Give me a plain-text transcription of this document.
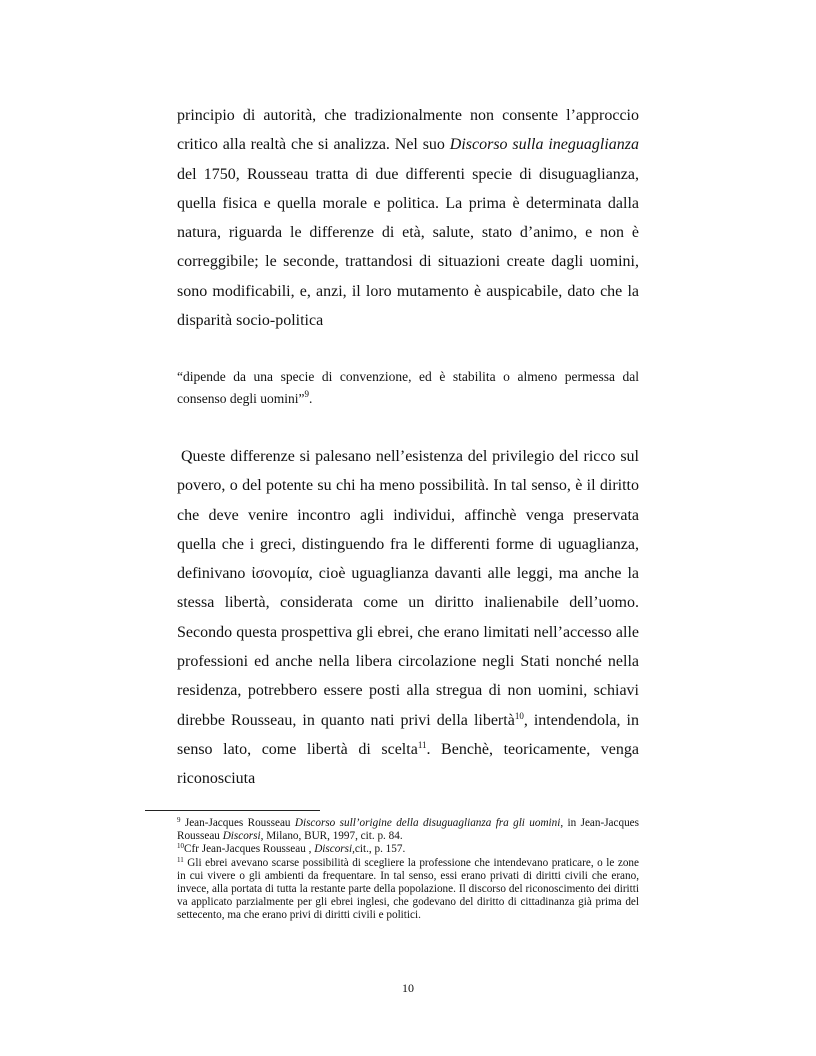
principio di autorità, che tradizionalmente non consente l’approccio critico alla realtà che si analizza. Nel suo Discorso sulla ineguaglianza del 1750, Rousseau tratta di due differenti specie di disuguaglianza, quella fisica e quella morale e politica. La prima è determinata dalla natura, riguarda le differenze di età, salute, stato d’animo, e non è correggibile; le seconde, trattandosi di situazioni create dagli uomini, sono modificabili, e, anzi, il loro mutamento è auspicabile, dato che la disparità socio-politica

“dipende da una specie di convenzione, ed è stabilita o almeno permessa dal consenso degli uomini”$^9$.

Queste differenze si palesano nell’esistenza del privilegio del ricco sul povero, o del potente su chi ha meno possibilità. In tal senso, è il diritto che deve venire incontro agli individui, affinchè venga preservata quella che i greci, distinguendo fra le differenti forme di uguaglianza, definivano ἰσονομία, cioè uguaglianza davanti alle leggi, ma anche la stessa libertà, considerata come un diritto inalienabile dell’uomo. Secondo questa prospettiva gli ebrei, che erano limitati nell’accesso alle professioni ed anche nella libera circolazione negli Stati nonché nella residenza, potrebbero essere posti alla stregua di non uomini, schiavi direbbe Rousseau, in quanto nati privi della libertà$^{10}$, intendendola, in senso lato, come libertà di scelta$^{11}$. Benchè, teoricamente, venga riconosciuta

$^9$ Jean-Jacques Rousseau Discorso sull’origine della disuguaglianza fra gli uomini, in Jean-Jacques Rousseau Discorsi, Milano, BUR, 1997, cit. p. 84.

$^{10}$Cfr Jean-Jacques Rousseau , Discorsi,cit., p. 157.

$^{11}$ Gli ebrei avevano scarse possibilità di scegliere la professione che intendevano praticare, o le zone in cui vivere o gli ambienti da frequentare. In tal senso, essi erano privati di diritti civili che erano, invece, alla portata di tutta la restante parte della popolazione. Il discorso del riconoscimento dei diritti va applicato parzialmente per gli ebrei inglesi, che godevano del diritto di cittadinanza già prima del settecento, ma che erano privi di diritti civili e politici.

10
